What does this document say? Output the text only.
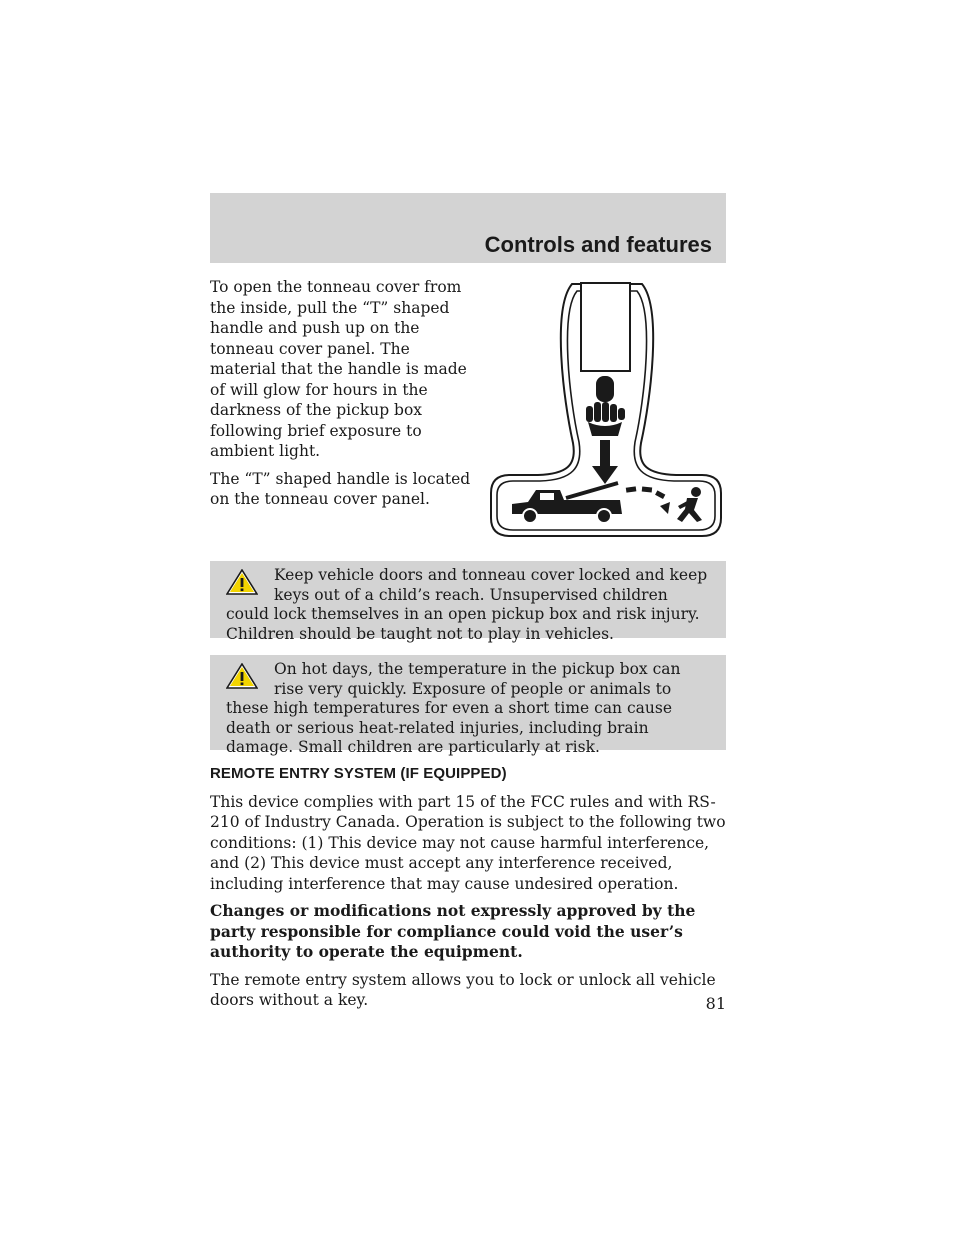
Controls and features

To open the tonneau cover from the inside, pull the “T” shaped handle and push up on the tonneau cover panel. The material that the handle is made of will glow for hours in the darkness of the pickup box following brief exposure to ambient light.

The “T” shaped handle is located on the tonneau cover panel.

Keep vehicle doors and tonneau cover locked and keep keys out of a child’s reach. Unsupervised children could lock themselves in an open pickup box and risk injury. Children should be taught not to play in vehicles.
On hot days, the temperature in the pickup box can rise very quickly. Exposure of people or animals to these high temperatures for even a short time can cause death or serious heat-related injuries, including brain damage. Small children are particularly at risk.
REMOTE ENTRY SYSTEM (IF EQUIPPED)

This device complies with part 15 of the FCC rules and with RS-210 of Industry Canada. Operation is subject to the following two conditions: (1) This device may not cause harmful interference, and (2) This device must accept any interference received, including interference that may cause undesired operation.

Changes or modifications not expressly approved by the party responsible for compliance could void the user’s authority to operate the equipment.

The remote entry system allows you to lock or unlock all vehicle doors without a key.	81
